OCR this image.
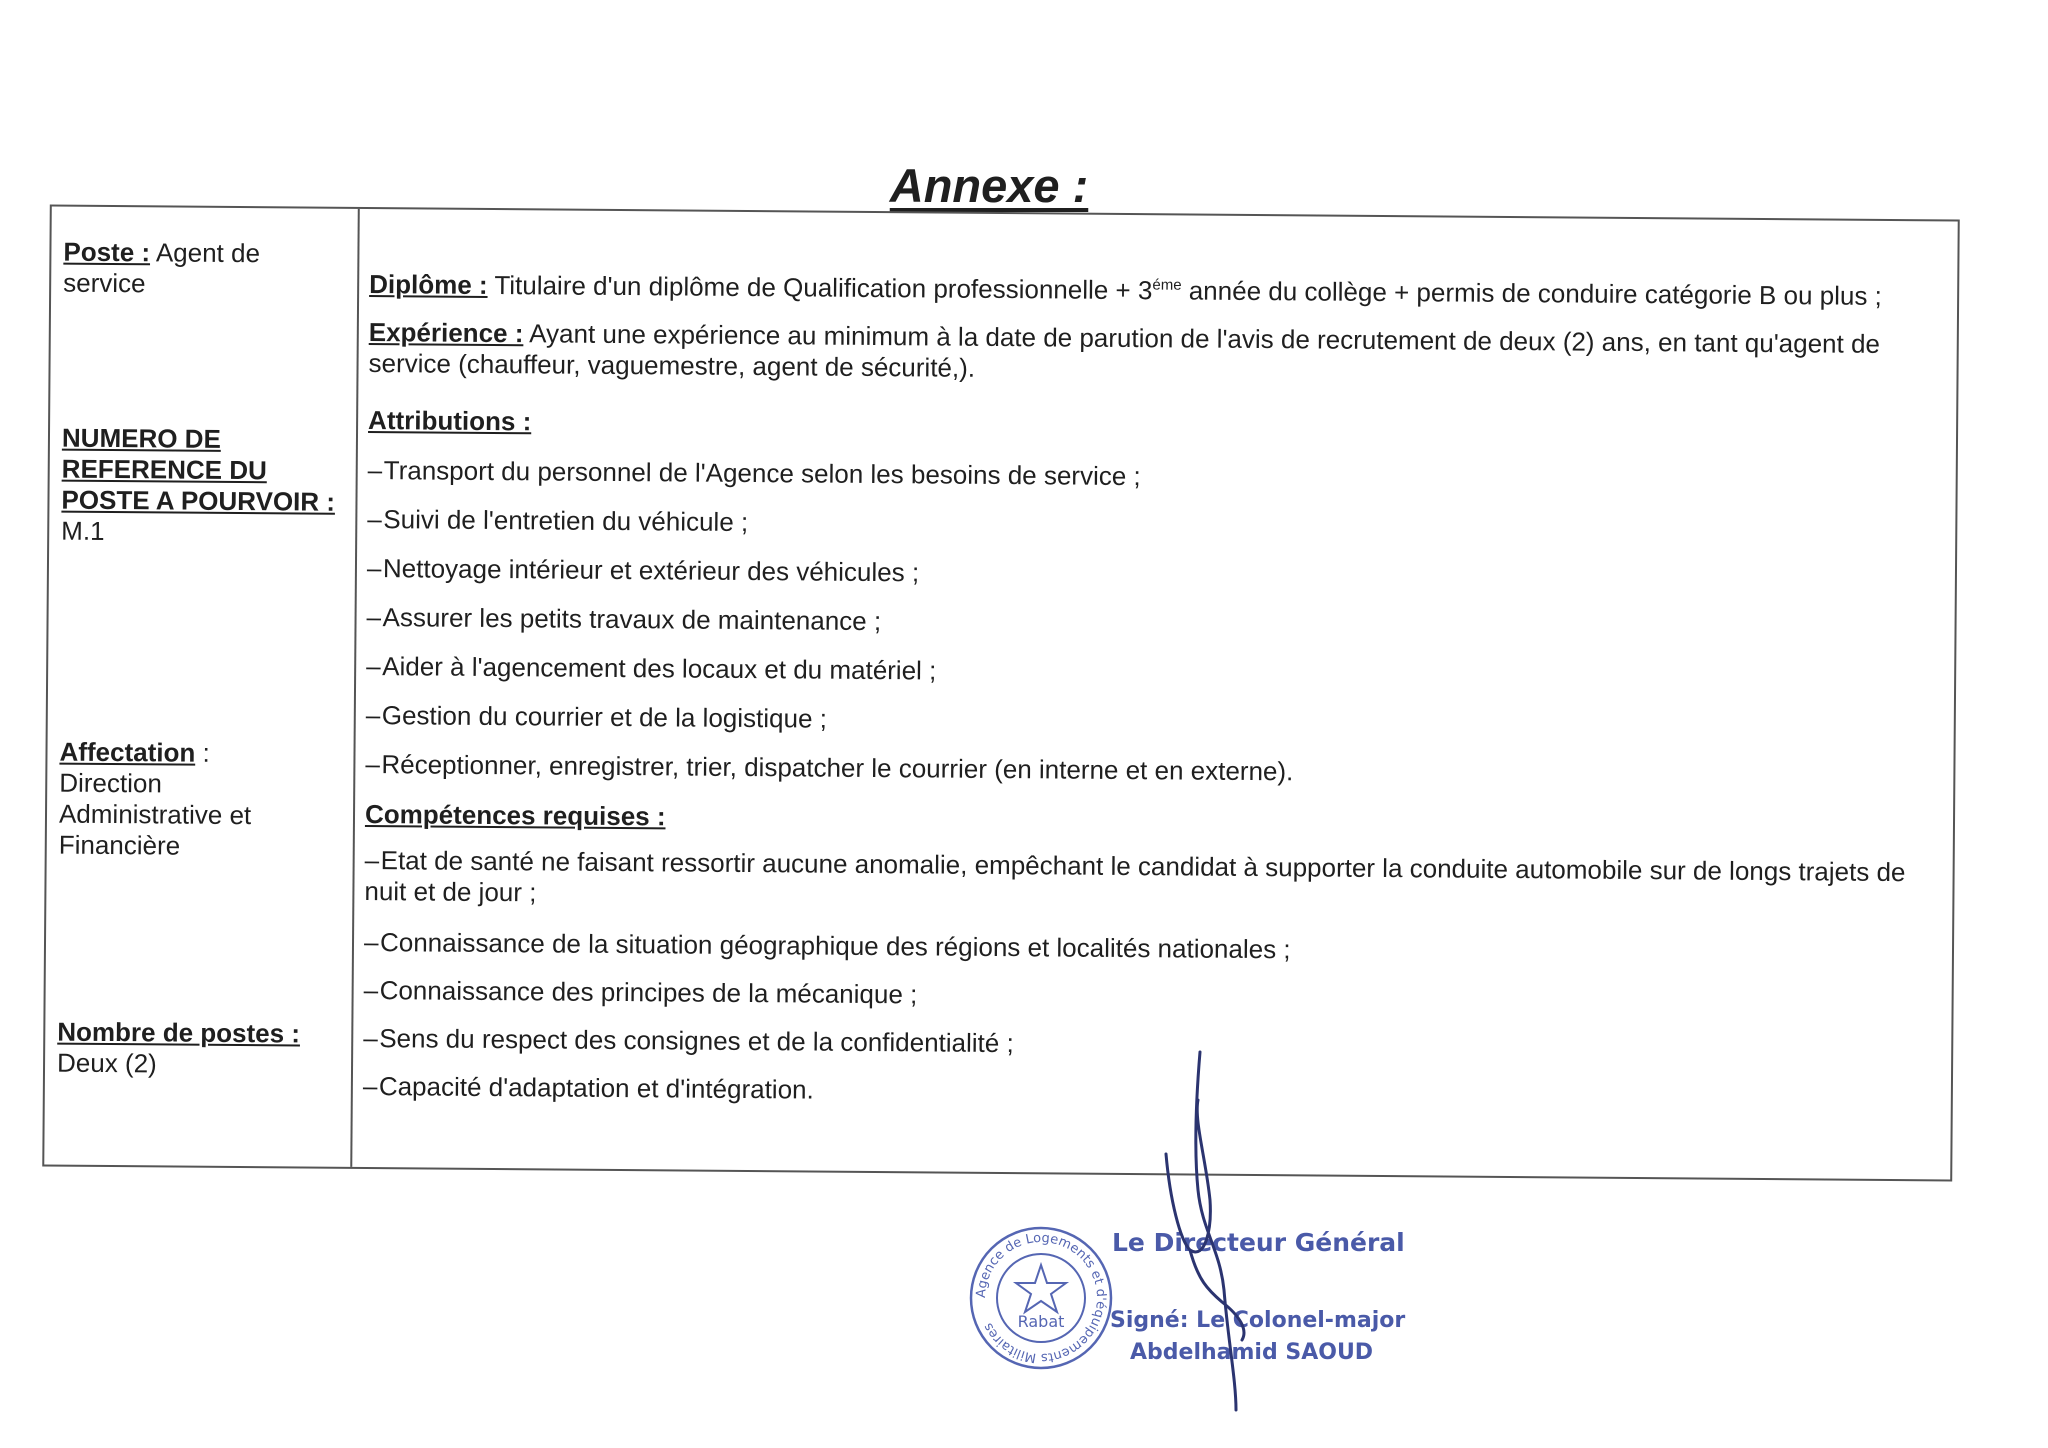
Annexe :
Poste : Agent de service
NUMERO DE REFERENCE DU POSTE A POURVOIR : M.1
Affectation : Direction Administrative et Financière
Nombre de postes :
Deux (2)
Diplôme : Titulaire d'un diplôme de Qualification professionnelle + $3^{éme}$ année du collège + permis de conduire catégorie B ou plus ;
Expérience : Ayant une expérience au minimum à la date de parution de l'avis de recrutement de deux (2) ans, en tant qu'agent de service (chauffeur, vaguemestre, agent de sécurité,).
Attributions :
–Transport du personnel de l'Agence selon les besoins de service ;
–Suivi de l'entretien du véhicule ;
–Nettoyage intérieur et extérieur des véhicules ;
–Assurer les petits travaux de maintenance ;
–Aider à l'agencement des locaux et du matériel ;
–Gestion du courrier et de la logistique ;
–Réceptionner, enregistrer, trier, dispatcher le courrier (en interne et en externe).
Compétences requises :
–Etat de santé ne faisant ressortir aucune anomalie, empêchant le candidat à supporter la conduite automobile sur de longs trajets de nuit et de jour ;
–Connaissance de la situation géographique des régions et localités nationales ;
–Connaissance des principes de la mécanique ;
–Sens du respect des consignes et de la confidentialité ;
–Capacité d'adaptation et d'intégration.
Agence de Logements et d'équipements Militaires	Rabat
Le Directeur Général
Signé: Le Colonel-major
Abdelhamid SAOUD
